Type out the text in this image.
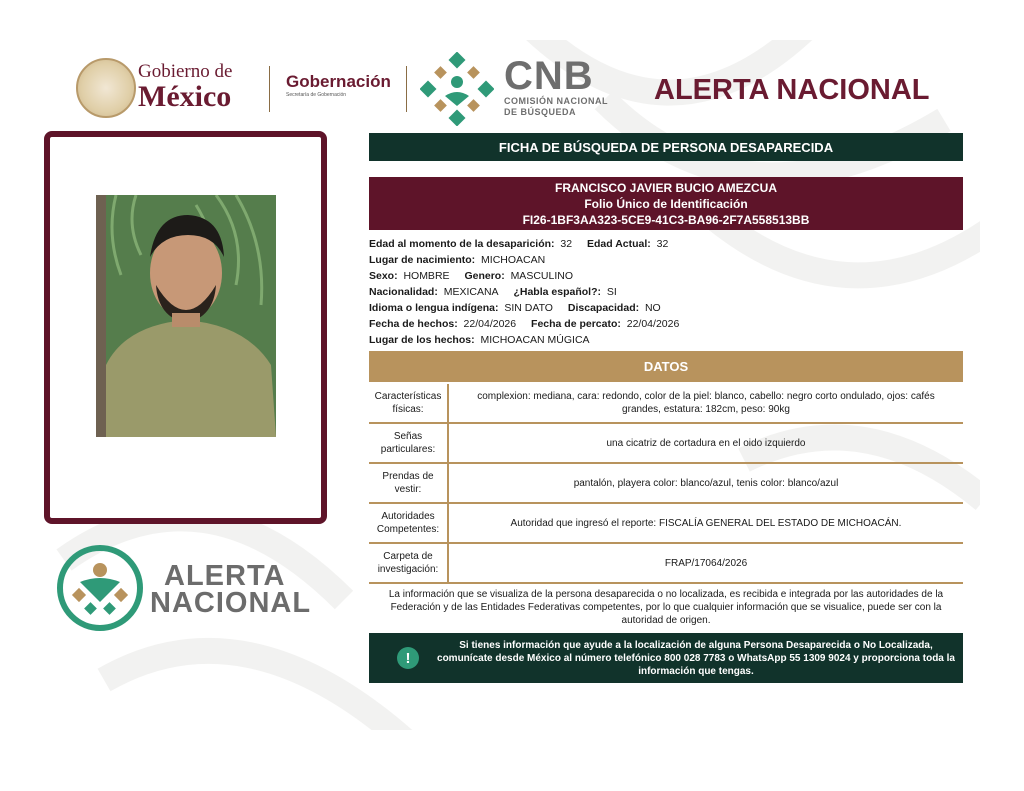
Gobierno de
México	Gobernación
Secretaría de Gobernación	CNB
COMISIÓN NACIONAL
DE BÚSQUEDA
ALERTA NACIONAL
ALERTA
NACIONAL
FICHA DE BÚSQUEDA DE PERSONA DESAPARECIDA
FRANCISCO JAVIER BUCIO AMEZCUA
Folio Único de Identificación
FI26-1BF3AA323-5CE9-41C3-BA96-2F7A558513BB
Edad al momento de la desaparición: 32 Edad Actual: 32
Lugar de nacimiento: MICHOACAN
Sexo: HOMBRE Genero: MASCULINO
Nacionalidad: MEXICANA ¿Habla español?: SI
Idioma o lengua indígena: SIN DATO Discapacidad: NO
Fecha de hechos: 22/04/2026 Fecha de percato: 22/04/2026
Lugar de los hechos: MICHOACAN MÚGICA
DATOS
Características físicas:
complexion: mediana, cara: redondo, color de la piel: blanco, cabello: negro corto ondulado, ojos: cafés grandes, estatura: 182cm, peso: 90kg
Señas particulares:
una cicatriz de cortadura en el oido izquierdo
Prendas de vestir:
pantalón, playera color: blanco/azul, tenis color: blanco/azul
Autoridades Competentes:
Autoridad que ingresó el reporte: FISCALÍA GENERAL DEL ESTADO DE MICHOACÁN.
Carpeta de investigación:
FRAP/17064/2026
La información que se visualiza de la persona desaparecida o no localizada, es recibida e integrada por las autoridades de la Federación y de las Entidades Federativas competentes, por lo que cualquier información que se visualice, puede ser con la autoridad de origen.
!
Si tienes información que ayude a la localización de alguna Persona Desaparecida o No Localizada, comunícate desde México al número telefónico 800 028 7783 o WhatsApp 55 1309 9024 y proporciona toda la información que tengas.
